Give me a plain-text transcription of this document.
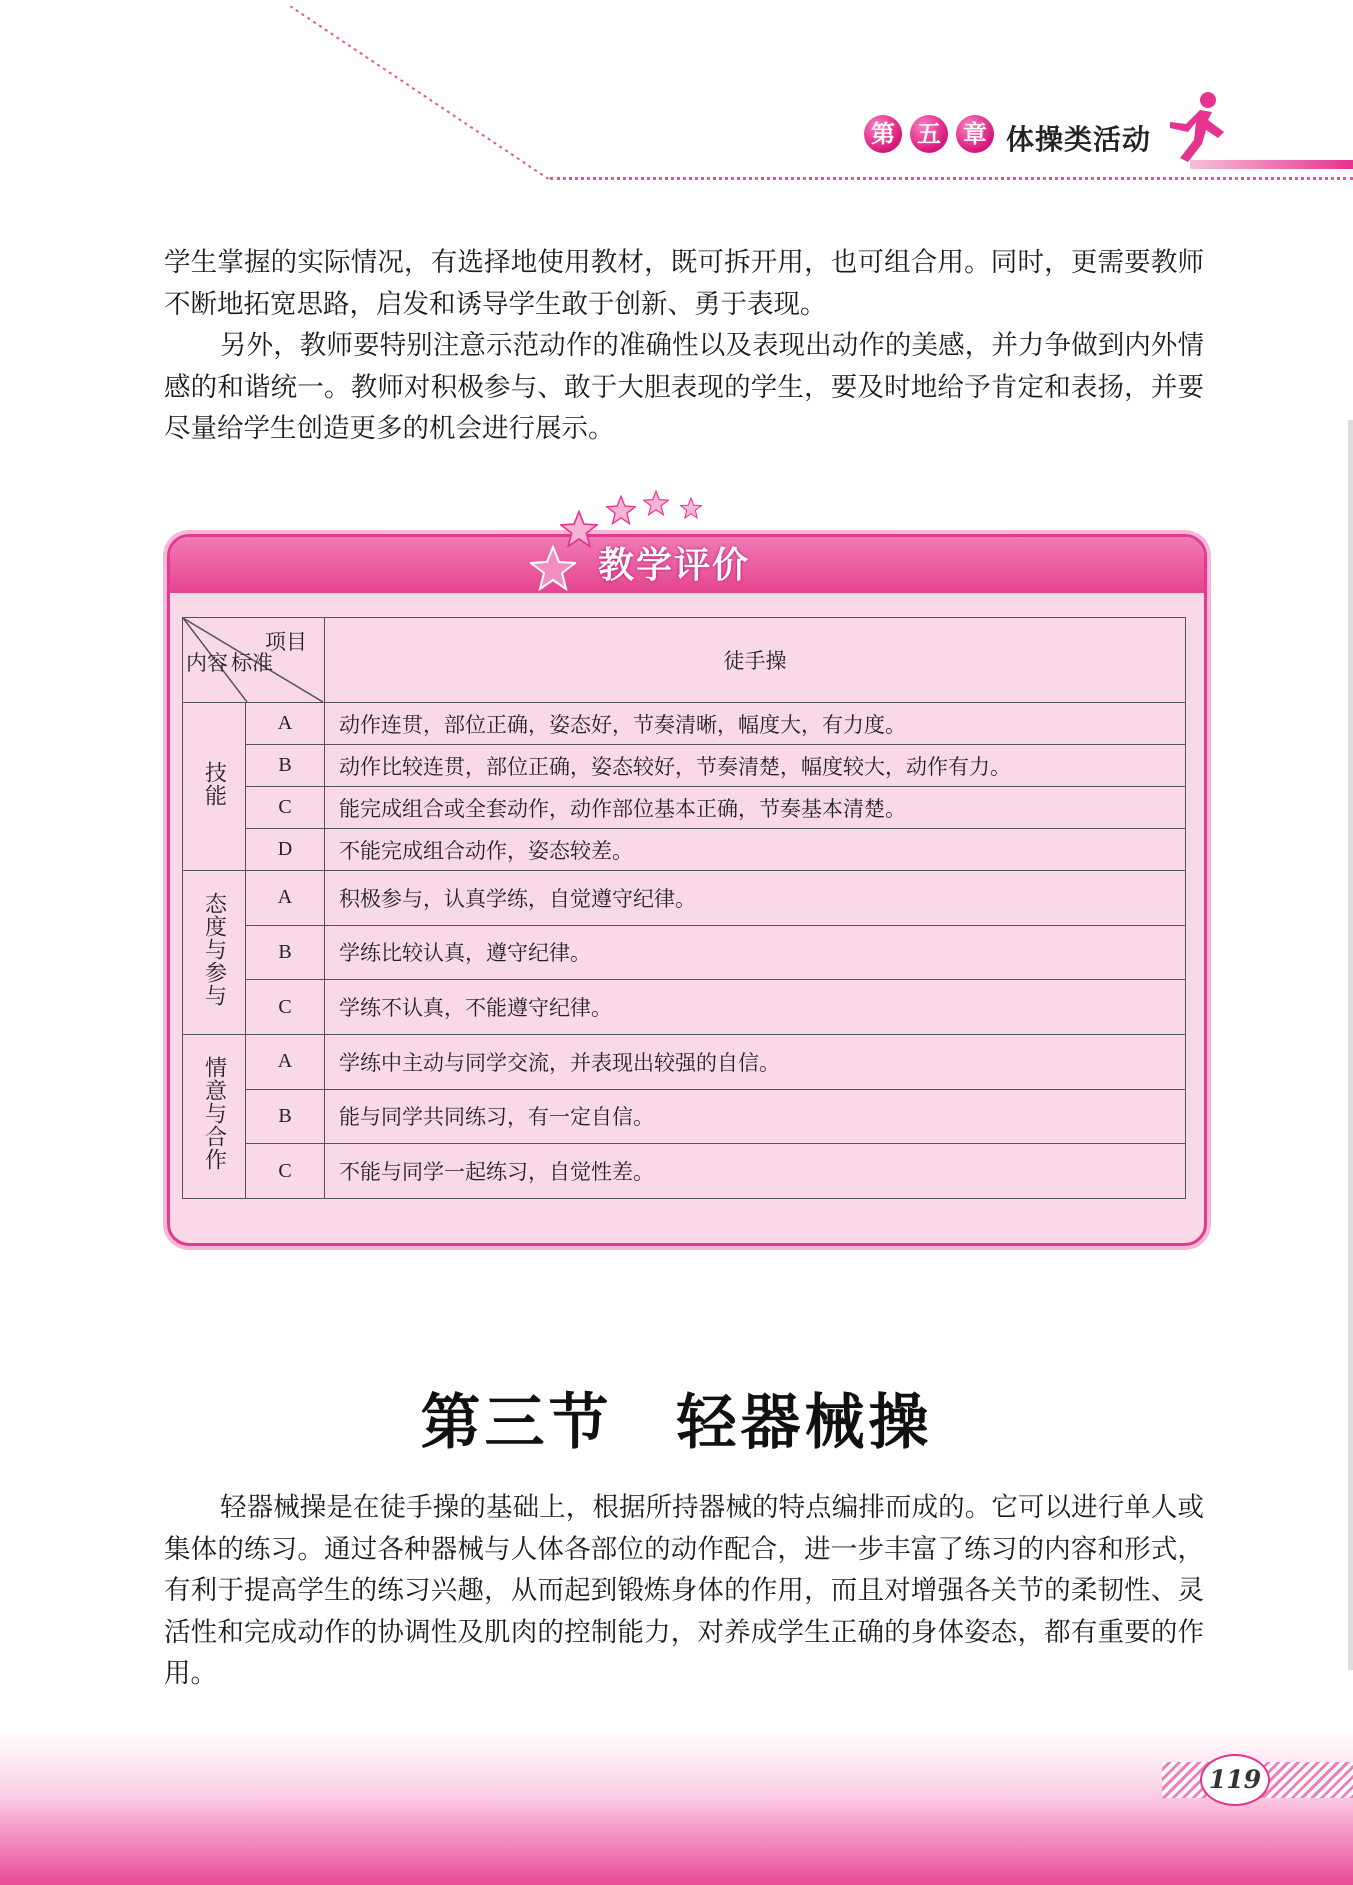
第 五 章 体操类活动
学生掌握的实际情况，有选择地使用教材，既可拆开用，也可组合用。同时，更需要教师不断地拓宽思路，启发和诱导学生敢于创新、勇于表现。
另外，教师要特别注意示范动作的准确性以及表现出动作的美感，并力争做到内外情感的和谐统一。教师对积极参与、敢于大胆表现的学生，要及时地给予肯定和表扬，并要尽量给学生创造更多的机会进行展示。
教学评价
项目
标准
内容		徒手操
技能	A	动作连贯，部位正确，姿态好，节奏清晰，幅度大，有力度。
	B	动作比较连贯，部位正确，姿态较好，节奏清楚，幅度较大，动作有力。
	C	能完成组合或全套动作，动作部位基本正确，节奏基本清楚。
	D	不能完成组合动作，姿态较差。
态度与参与	A	积极参与，认真学练，自觉遵守纪律。
	B	学练比较认真，遵守纪律。
	C	学练不认真，不能遵守纪律。
情意与合作	A	学练中主动与同学交流，并表现出较强的自信。
	B	能与同学共同练习，有一定自信。
	C	不能与同学一起练习，自觉性差。
第三节　轻器械操
轻器械操是在徒手操的基础上，根据所持器械的特点编排而成的。它可以进行单人或集体的练习。通过各种器械与人体各部位的动作配合，进一步丰富了练习的内容和形式，有利于提高学生的练习兴趣，从而起到锻炼身体的作用，而且对增强各关节的柔韧性、灵活性和完成动作的协调性及肌肉的控制能力，对养成学生正确的身体姿态，都有重要的作用。
119
